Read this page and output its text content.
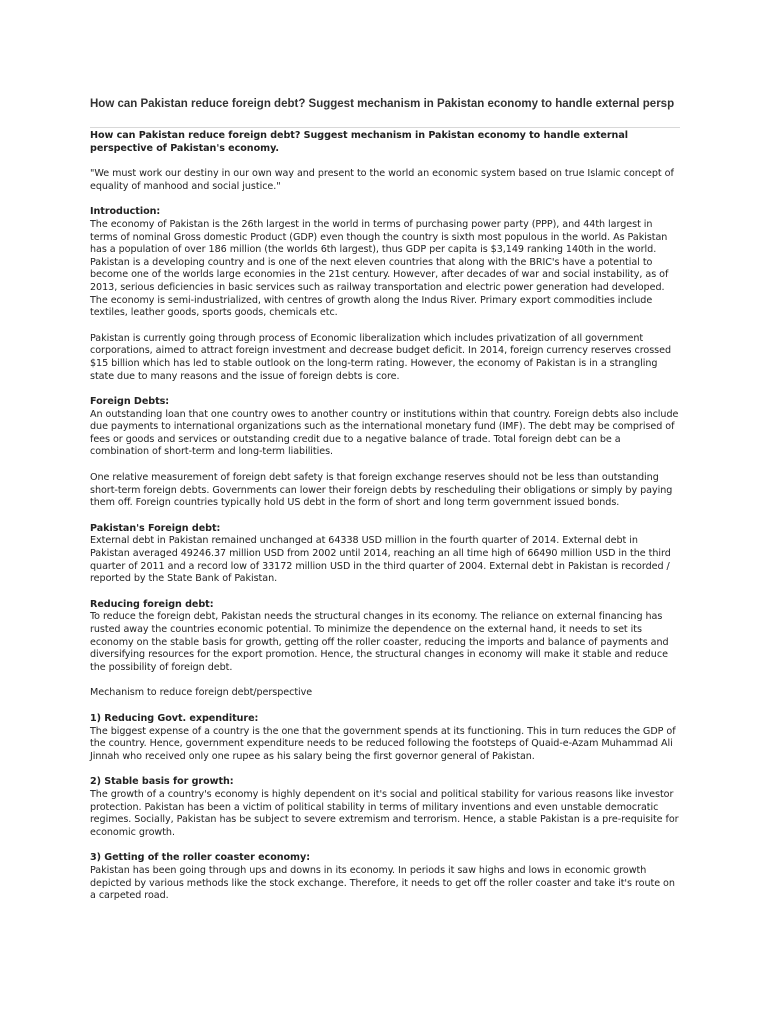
How can Pakistan reduce foreign debt? Suggest mechanism in Pakistan economy to handle external persp

How can Pakistan reduce foreign debt? Suggest mechanism in Pakistan economy to handle external perspective of Pakistan's economy.

"We must work our destiny in our own way and present to the world an economic system based on true Islamic concept of equality of manhood and social justice."

Introduction:

The economy of Pakistan is the 26th largest in the world in terms of purchasing power party (PPP), and 44th largest in terms of nominal Gross domestic Product (GDP) even though the country is sixth most populous in the world. As Pakistan has a population of over 186 million (the worlds 6th largest), thus GDP per capita is $3,149 ranking 140th in the world. Pakistan is a developing country and is one of the next eleven countries that along with the BRIC's have a potential to become one of the worlds large economies in the 21st century. However, after decades of war and social instability, as of 2013, serious deficiencies in basic services such as railway transportation and electric power generation had developed. The economy is semi-industrialized, with centres of growth along the Indus River. Primary export commodities include textiles, leather goods, sports goods, chemicals etc.

Pakistan is currently going through process of Economic liberalization which includes privatization of all government corporations, aimed to attract foreign investment and decrease budget deficit. In 2014, foreign currency reserves crossed $15 billion which has led to stable outlook on the long-term rating. However, the economy of Pakistan is in a strangling state due to many reasons and the issue of foreign debts is core.

Foreign Debts:

An outstanding loan that one country owes to another country or institutions within that country. Foreign debts also include due payments to international organizations such as the international monetary fund (IMF). The debt may be comprised of fees or goods and services or outstanding credit due to a negative balance of trade. Total foreign debt can be a combination of short-term and long-term liabilities.

One relative measurement of foreign debt safety is that foreign exchange reserves should not be less than outstanding short-term foreign debts. Governments can lower their foreign debts by rescheduling their obligations or simply by paying them off. Foreign countries typically hold US debt in the form of short and long term government issued bonds.

Pakistan's Foreign debt:

External debt in Pakistan remained unchanged at 64338 USD million in the fourth quarter of 2014. External debt in Pakistan averaged 49246.37 million USD from 2002 until 2014, reaching an all time high of 66490 million USD in the third quarter of 2011 and a record low of 33172 million USD in the third quarter of 2004. External debt in Pakistan is recorded / reported by the State Bank of Pakistan.

Reducing foreign debt:

To reduce the foreign debt, Pakistan needs the structural changes in its economy. The reliance on external financing has rusted away the countries economic potential. To minimize the dependence on the external hand, it needs to set its economy on the stable basis for growth, getting off the roller coaster, reducing the imports and balance of payments and diversifying resources for the export promotion. Hence, the structural changes in economy will make it stable and reduce the possibility of foreign debt.

Mechanism to reduce foreign debt/perspective

1) Reducing Govt. expenditure:

The biggest expense of a country is the one that the government spends at its functioning. This in turn reduces the GDP of the country. Hence, government expenditure needs to be reduced following the footsteps of Quaid-e-Azam Muhammad Ali Jinnah who received only one rupee as his salary being the first governor general of Pakistan.

2) Stable basis for growth:

The growth of a country's economy is highly dependent on it's social and political stability for various reasons like investor protection. Pakistan has been a victim of political stability in terms of military inventions and even unstable democratic regimes. Socially, Pakistan has be subject to severe extremism and terrorism. Hence, a stable Pakistan is a pre-requisite for economic growth.

3) Getting of the roller coaster economy:

Pakistan has been going through ups and downs in its economy. In periods it saw highs and lows in economic growth depicted by various methods like the stock exchange. Therefore, it needs to get off the roller coaster and take it's route on a carpeted road.
